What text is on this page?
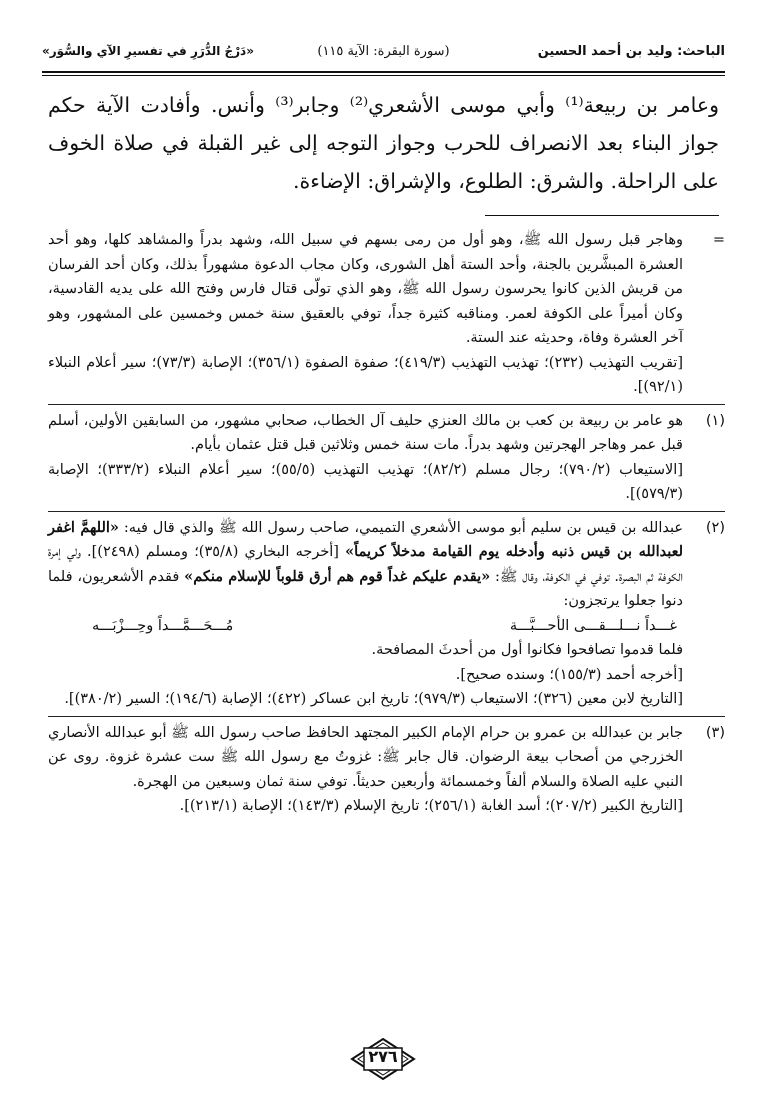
الباحث: وليد بن أحمد الحسين
(سورة البقرة: الآية ١١٥)
«دَرْجُ الدُّرَرِ في تفسيرِ الآي والسُّوَر»

وعامر بن ربيعة⁽¹⁾ وأبي موسى الأشعري⁽²⁾ وجابر⁽³⁾ وأنس. وأفادت الآية حكم جواز البناء بعد الانصراف للحرب وجواز التوجه إلى غير القبلة في صلاة الخوف على الراحلة. والشرق: الطلوع، والإشراق: الإضاءة.

=

وهاجر قبل رسول الله ﷺ، وهو أول من رمى بسهم في سبيل الله، وشهد بدراً والمشاهد كلها، وهو أحد العشرة المبشَّرين بالجنة، وأحد الستة أهل الشورى، وكان مجاب الدعوة مشهوراً بذلك، وكان أحد الفرسان من قريش الذين كانوا يحرسون رسول الله ﷺ، وهو الذي تولّى قتال فارس وفتح الله على يديه القادسية، وكان أميراً على الكوفة لعمر. ومناقبه كثيرة جداً، توفي بالعقيق سنة خمس وخمسين على المشهور، وهو آخر العشرة وفاة، وحديثه عند الستة.

[تقريب التهذيب (٢٣٢)؛ تهذيب التهذيب (٤١٩/٣)؛ صفوة الصفوة (٣٥٦/١)؛ الإصابة (٧٣/٣)؛ سير أعلام النبلاء (٩٢/١)].

(١)

هو عامر بن ربيعة بن كعب بن مالك العنزي حليف آل الخطاب، صحابي مشهور، من السابقين الأولين، أسلم قبل عمر وهاجر الهجرتين وشهد بدراً. مات سنة خمس وثلاثين قبل قتل عثمان بأيام.

[الاستيعاب (٧٩٠/٢)؛ رجال مسلم (٨٢/٢)؛ تهذيب التهذيب (٥٥/٥)؛ سير أعلام النبلاء (٣٣٣/٢)؛ الإصابة (٥٧٩/٣)].

(٢)

عبدالله بن قيس بن سليم أبو موسى الأشعري التميمي، صاحب رسول الله ﷺ والذي قال فيه: «اللهمَّ اغفر لعبدالله بن قيس ذنبه وأدخله يوم القيامة مدخلاً كريماً» [أخرجه البخاري (٣٥/٨)؛ ومسلم (٢٤٩٨)]. ولي إمرة الكوفة ثم البصرة. توفي في الكوفة، وقال ﷺ: «يقدم عليكم غداً قوم هم أرق قلوباً للإسلام منكم» فقدم الأشعريون، فلما دنوا جعلوا يرتجزون:

غـــداً نـــلـــقـــى الأحـــبَّـــة
مُـــحَـــمَّـــداً وحِـــزْبَـــه

فلما قدموا تصافحوا فكانوا أول من أحدثَ المصافحة.

[أخرجه أحمد (١٥٥/٣)؛ وسنده صحيح].

[التاريخ لابن معين (٣٢٦)؛ الاستيعاب (٩٧٩/٣)؛ تاريخ ابن عساكر (٤٢٢)؛ الإصابة (١٩٤/٦)؛ السير (٣٨٠/٢)].

(٣)

جابر بن عبدالله بن عمرو بن حرام الإمام الكبير المجتهد الحافظ صاحب رسول الله ﷺ أبو عبدالله الأنصاري الخزرجي من أصحاب بيعة الرضوان. قال جابر ﷺ: غزوتُ مع رسول الله ﷺ ست عشرة غزوة. روى عن النبي عليه الصلاة والسلام ألفاً وخمسمائة وأربعين حديثاً. توفي سنة ثمان وسبعين من الهجرة.

[التاريخ الكبير (٢٠٧/٢)؛ أسد الغابة (٢٥٦/١)؛ تاريخ الإسلام (١٤٣/٣)؛ الإصابة (٢١٣/١)].

٢٧٦
